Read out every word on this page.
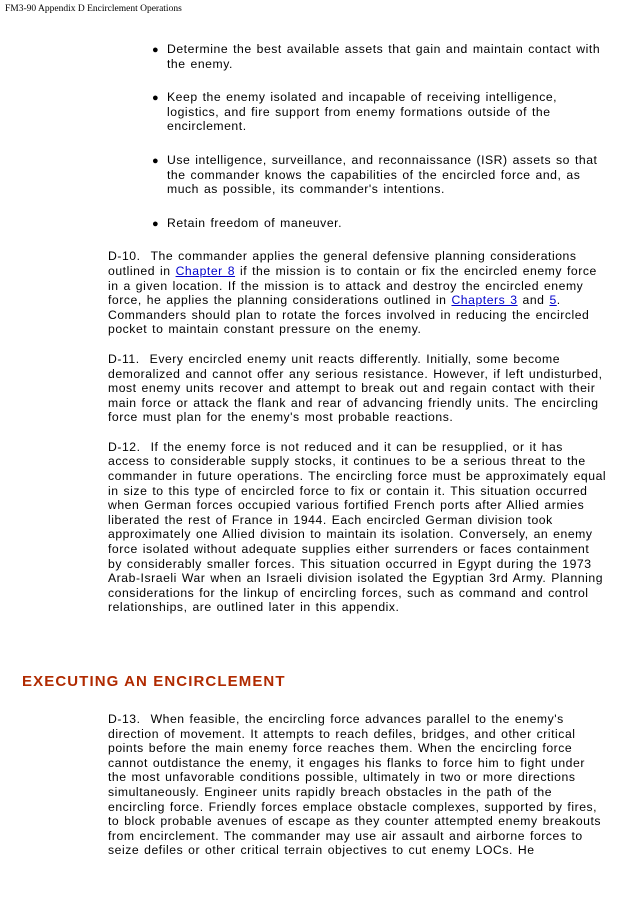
FM3-90 Appendix D Encirclement Operations
● Determine the best available assets that gain and maintain contact with the enemy.
● Keep the enemy isolated and incapable of receiving intelligence, logistics, and fire support from enemy formations outside of the encirclement.
● Use intelligence, surveillance, and reconnaissance (ISR) assets so that the commander knows the capabilities of the encircled force and, as much as possible, its commander's intentions.
● Retain freedom of maneuver.

D-10. The commander applies the general defensive planning considerations outlined in Chapter 8 if the mission is to contain or fix the encircled enemy force in a given location. If the mission is to attack and destroy the encircled enemy force, he applies the planning considerations outlined in Chapters 3 and 5. Commanders should plan to rotate the forces involved in reducing the encircled pocket to maintain constant pressure on the enemy.

D-11. Every encircled enemy unit reacts differently. Initially, some become demoralized and cannot offer any serious resistance. However, if left undisturbed, most enemy units recover and attempt to break out and regain contact with their main force or attack the flank and rear of advancing friendly units. The encircling force must plan for the enemy's most probable reactions.

D-12. If the enemy force is not reduced and it can be resupplied, or it has access to considerable supply stocks, it continues to be a serious threat to the commander in future operations. The encircling force must be approximately equal in size to this type of encircled force to fix or contain it. This situation occurred when German forces occupied various fortified French ports after Allied armies liberated the rest of France in 1944. Each encircled German division took approximately one Allied division to maintain its isolation. Conversely, an enemy force isolated without adequate supplies either surrenders or faces containment by considerably smaller forces. This situation occurred in Egypt during the 1973 Arab-Israeli War when an Israeli division isolated the Egyptian 3rd Army. Planning considerations for the linkup of encircling forces, such as command and control relationships, are outlined later in this appendix.

EXECUTING AN ENCIRCLEMENT

D-13. When feasible, the encircling force advances parallel to the enemy's direction of movement. It attempts to reach defiles, bridges, and other critical points before the main enemy force reaches them. When the encircling force cannot outdistance the enemy, it engages his flanks to force him to fight under the most unfavorable conditions possible, ultimately in two or more directions simultaneously. Engineer units rapidly breach obstacles in the path of the encircling force. Friendly forces emplace obstacle complexes, supported by fires, to block probable avenues of escape as they counter attempted enemy breakouts from encirclement. The commander may use air assault and airborne forces to seize defiles or other critical terrain objectives to cut enemy LOCs. He
